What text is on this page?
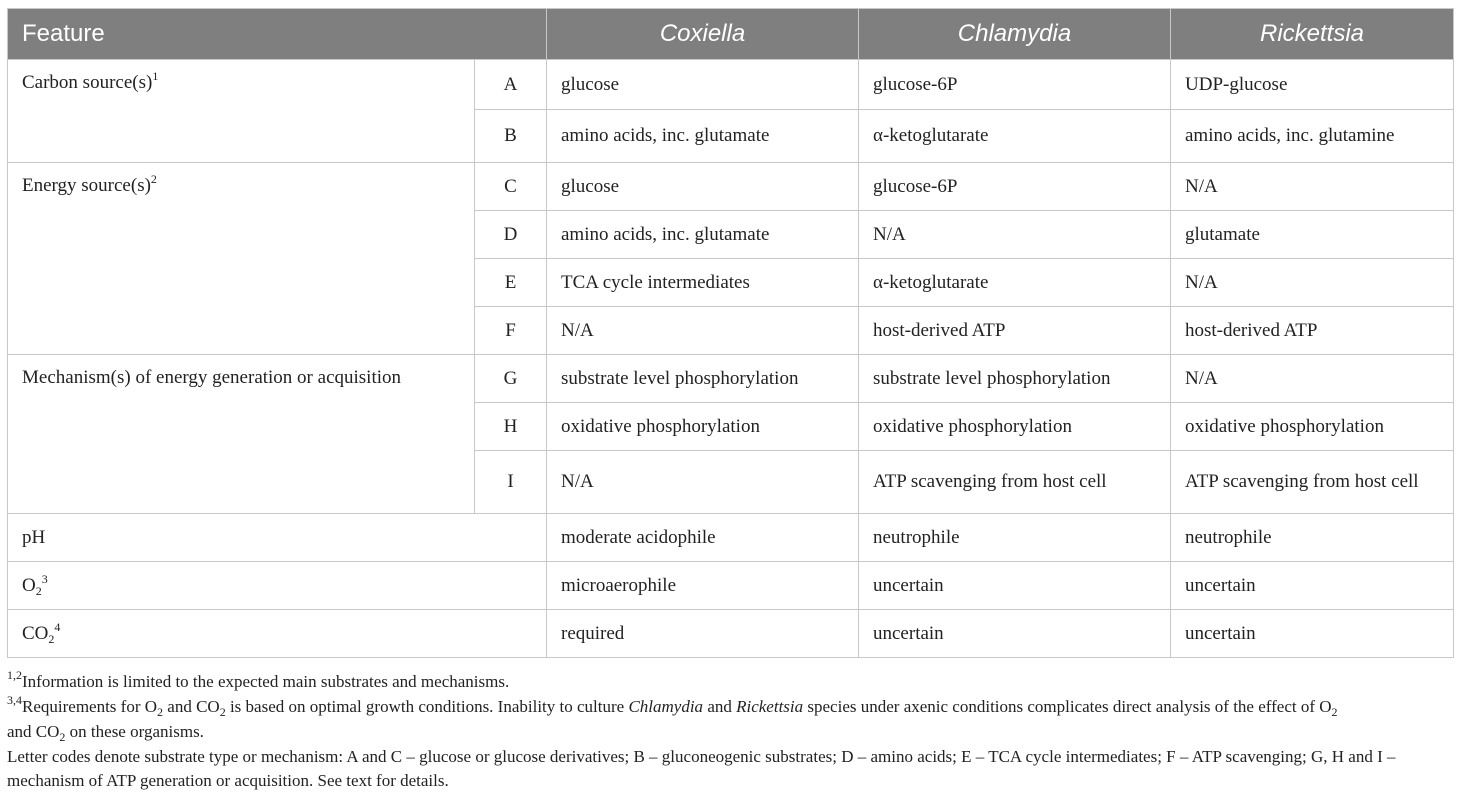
Feature		Coxiella	Chlamydia	Rickettsia
Carbon $source(s)^1$	A	glucose	glucose-6P	UDP-glucose
	B	amino acids, inc. glutamate	α-ketoglutarate	amino acids, inc. glutamine
Energy $source(s)^2$	C	glucose	glucose-6P	N/A
	D	amino acids, inc. glutamate	N/A	glutamate
	E	TCA cycle intermediates	α-ketoglutarate	N/A
	F	N/A	host-derived ATP	host-derived ATP
Mechanism(s) of energy generation or acquisition	G	substrate level phosphorylation	substrate level phosphorylation	N/A
	H	oxidative phosphorylation	oxidative phosphorylation	oxidative phosphorylation
	I	N/A	ATP scavenging from host cell	ATP scavenging from host cell
pH		moderate acidophile	neutrophile	neutrophile
$O_2^3$		microaerophile	uncertain	uncertain
$CO_2^4$		required	uncertain	uncertain

$^{1,2}$Information is limited to the expected main substrates and mechanisms.

$^{3,4}$Requirements for $O_2$ and $CO_2$ is based on optimal growth conditions. Inability to culture Chlamydia and Rickettsia species under axenic conditions complicates direct analysis of the effect of $O_2$
and $CO_2$ on these organisms.

Letter codes denote substrate type or mechanism: A and C – glucose or glucose derivatives; B – gluconeogenic substrates; D – amino acids; E – TCA cycle intermediates; F – ATP scavenging; G, H and I – mechanism of ATP generation or acquisition. See text for details.
